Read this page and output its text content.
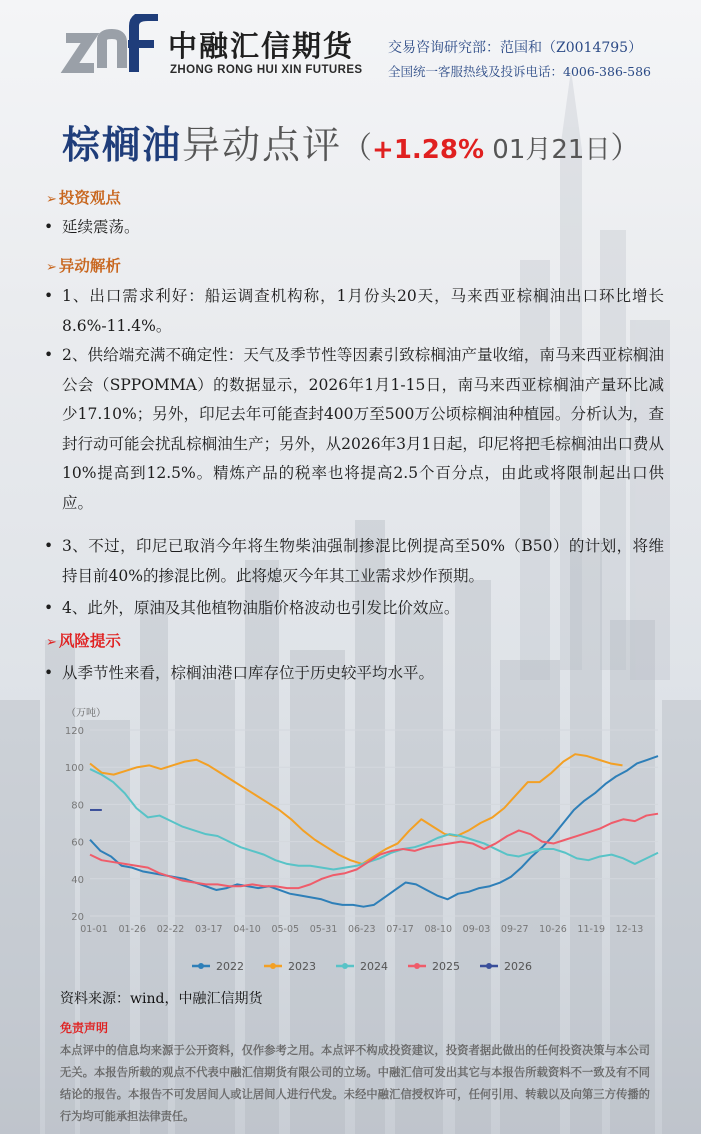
中融汇信期货
ZHONG RONG HUI XIN FUTURES
交易咨询研究部：范国和（Z0014795）
全国统一客服热线及投诉电话：4006-386-586
棕榈油异动点评（+1.28% 01月21日）
➢ 投资观点
• 延续震荡。
➢ 异动解析
• 1、出口需求利好：船运调查机构称，1月份头20天，马来西亚棕榈油出口环比增长8.6%-11.4%。
• 2、供给端充满不确定性：天气及季节性等因素引致棕榈油产量收缩，南马来西亚棕榈油公会（SPPOMMA）的数据显示，2026年1月1-15日，南马来西亚棕榈油产量环比减少17.10%；另外，印尼去年可能查封400万至500万公顷棕榈油种植园。分析认为，查封行动可能会扰乱棕榈油生产；另外，从2026年3月1日起，印尼将把毛棕榈油出口费从10%提高到12.5%。精炼产品的税率也将提高2.5个百分点，由此或将限制起出口供应。
• 3、不过，印尼已取消今年将生物柴油强制掺混比例提高至50%（B50）的计划，将维持目前40%的掺混比例。此将熄灭今年其工业需求炒作预期。
• 4、此外，原油及其他植物油脂价格波动也引发比价效应。
➢ 风险提示
• 从季节性来看，棕榈油港口库存位于历史较平均水平。
（万吨）
20
40
60
80
100
120
01-01 01-26 02-22 03-17 04-10 05-05 05-31 06-23 07-17 08-10 09-03 09-27 10-26 11-19 12-13
2022	2023	2024	2025	2026
资料来源：wind，中融汇信期货
免责声明
本点评中的信息均来源于公开资料，仅作参考之用。本点评不构成投资建议，投资者据此做出的任何投资决策与本公司无关。本报告所载的观点不代表中融汇信期货有限公司的立场。中融汇信可发出其它与本报告所载资料不一致及有不同结论的报告。本报告不可发居间人或让居间人进行代发。未经中融汇信授权许可，任何引用、转载以及向第三方传播的行为均可能承担法律责任。
